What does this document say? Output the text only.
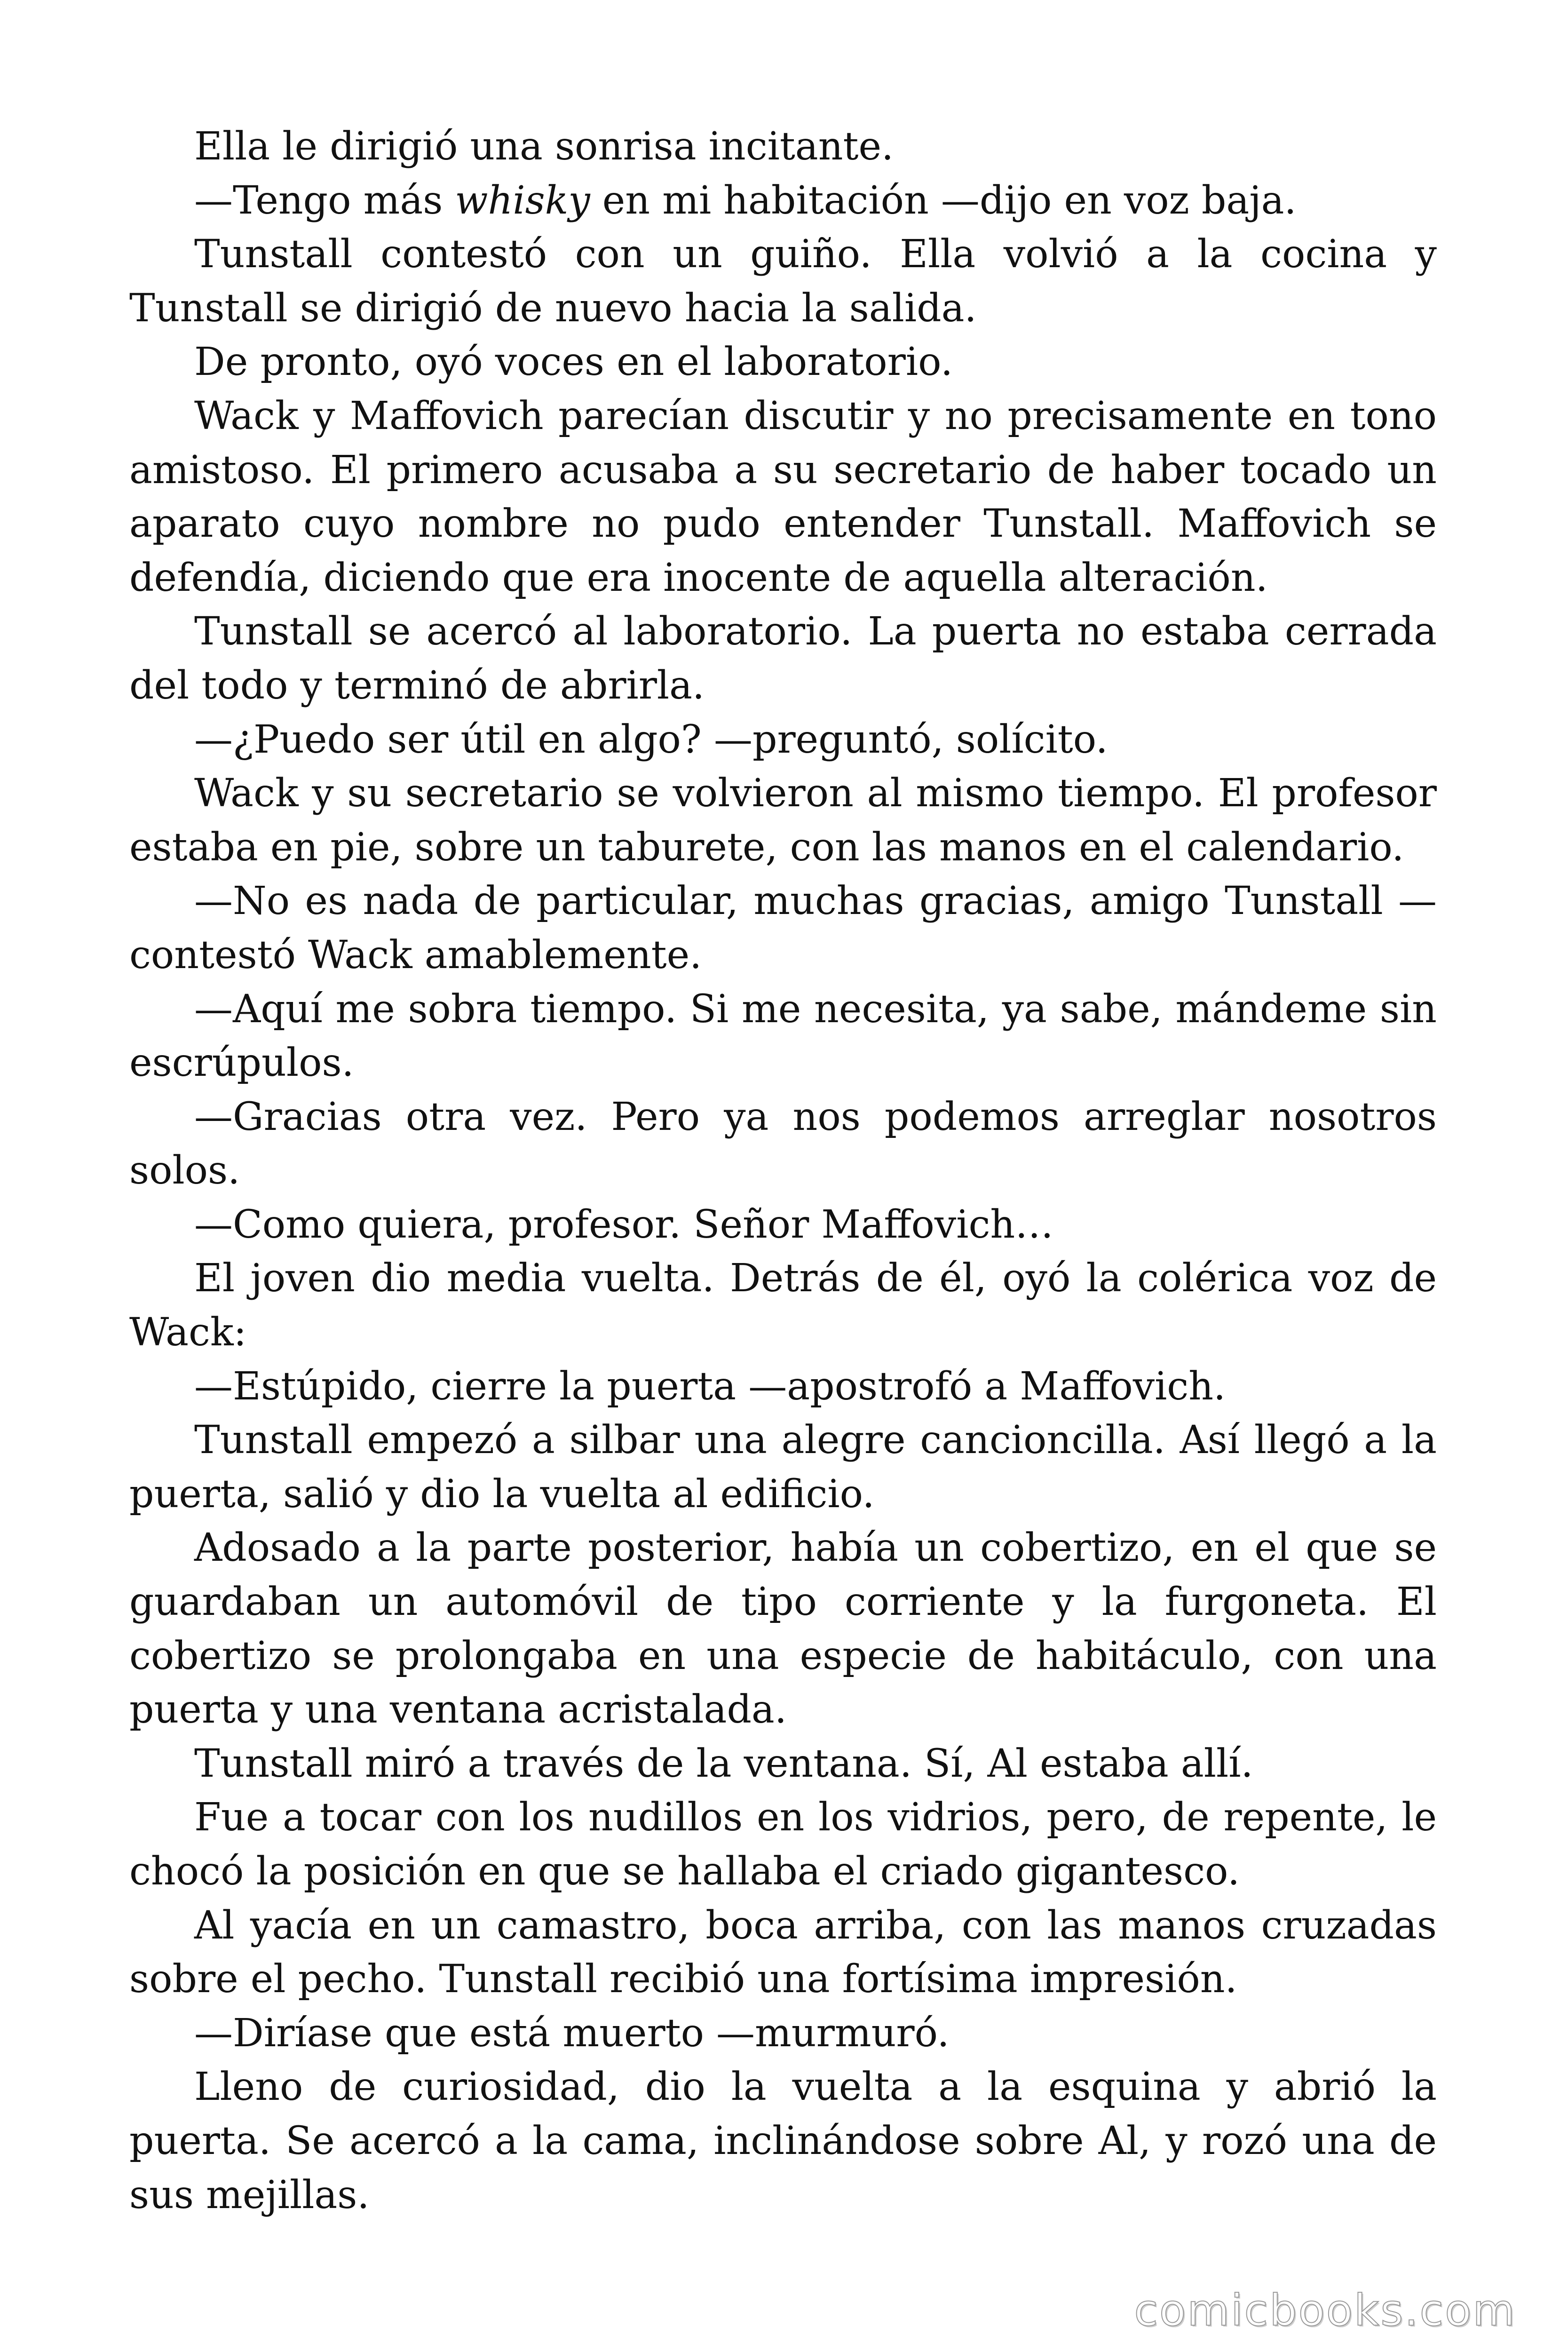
Ella le dirigió una sonrisa incitante.

—Tengo más whisky en mi habitación —dijo en voz baja.

Tunstall contestó con un guiño. Ella volvió a la cocina y Tunstall se dirigió de nuevo hacia la salida.

De pronto, oyó voces en el laboratorio.

Wack y Maffovich parecían discutir y no precisamente en tono amistoso. El primero acusaba a su secretario de haber tocado un aparato cuyo nombre no pudo entender Tunstall. Maffovich se defendía, diciendo que era inocente de aquella alteración.

Tunstall se acercó al laboratorio. La puerta no estaba cerrada del todo y terminó de abrirla.

—¿Puedo ser útil en algo? —preguntó, solícito.

Wack y su secretario se volvieron al mismo tiempo. El profesor estaba en pie, sobre un taburete, con las manos en el calendario.

—No es nada de particular, muchas gracias, amigo Tunstall —contestó Wack amablemente.

—Aquí me sobra tiempo. Si me necesita, ya sabe, mándeme sin escrúpulos.

—Gracias otra vez. Pero ya nos podemos arreglar nosotros solos.

—Como quiera, profesor. Señor Maffovich…

El joven dio media vuelta. Detrás de él, oyó la colérica voz de Wack:

—Estúpido, cierre la puerta —apostrofó a Maffovich.

Tunstall empezó a silbar una alegre cancioncilla. Así llegó a la puerta, salió y dio la vuelta al edificio.

Adosado a la parte posterior, había un cobertizo, en el que se guardaban un automóvil de tipo corriente y la furgoneta. El cobertizo se prolongaba en una especie de habitáculo, con una puerta y una ventana acristalada.

Tunstall miró a través de la ventana. Sí, Al estaba allí.

Fue a tocar con los nudillos en los vidrios, pero, de repente, le chocó la posición en que se hallaba el criado gigantesco.

Al yacía en un camastro, boca arriba, con las manos cruzadas sobre el pecho. Tunstall recibió una fortísima impresión.

—Diríase que está muerto —murmuró.

Lleno de curiosidad, dio la vuelta a la esquina y abrió la puerta. Se acercó a la cama, inclinándose sobre Al, y rozó una de sus mejillas.

comicbooks.com
